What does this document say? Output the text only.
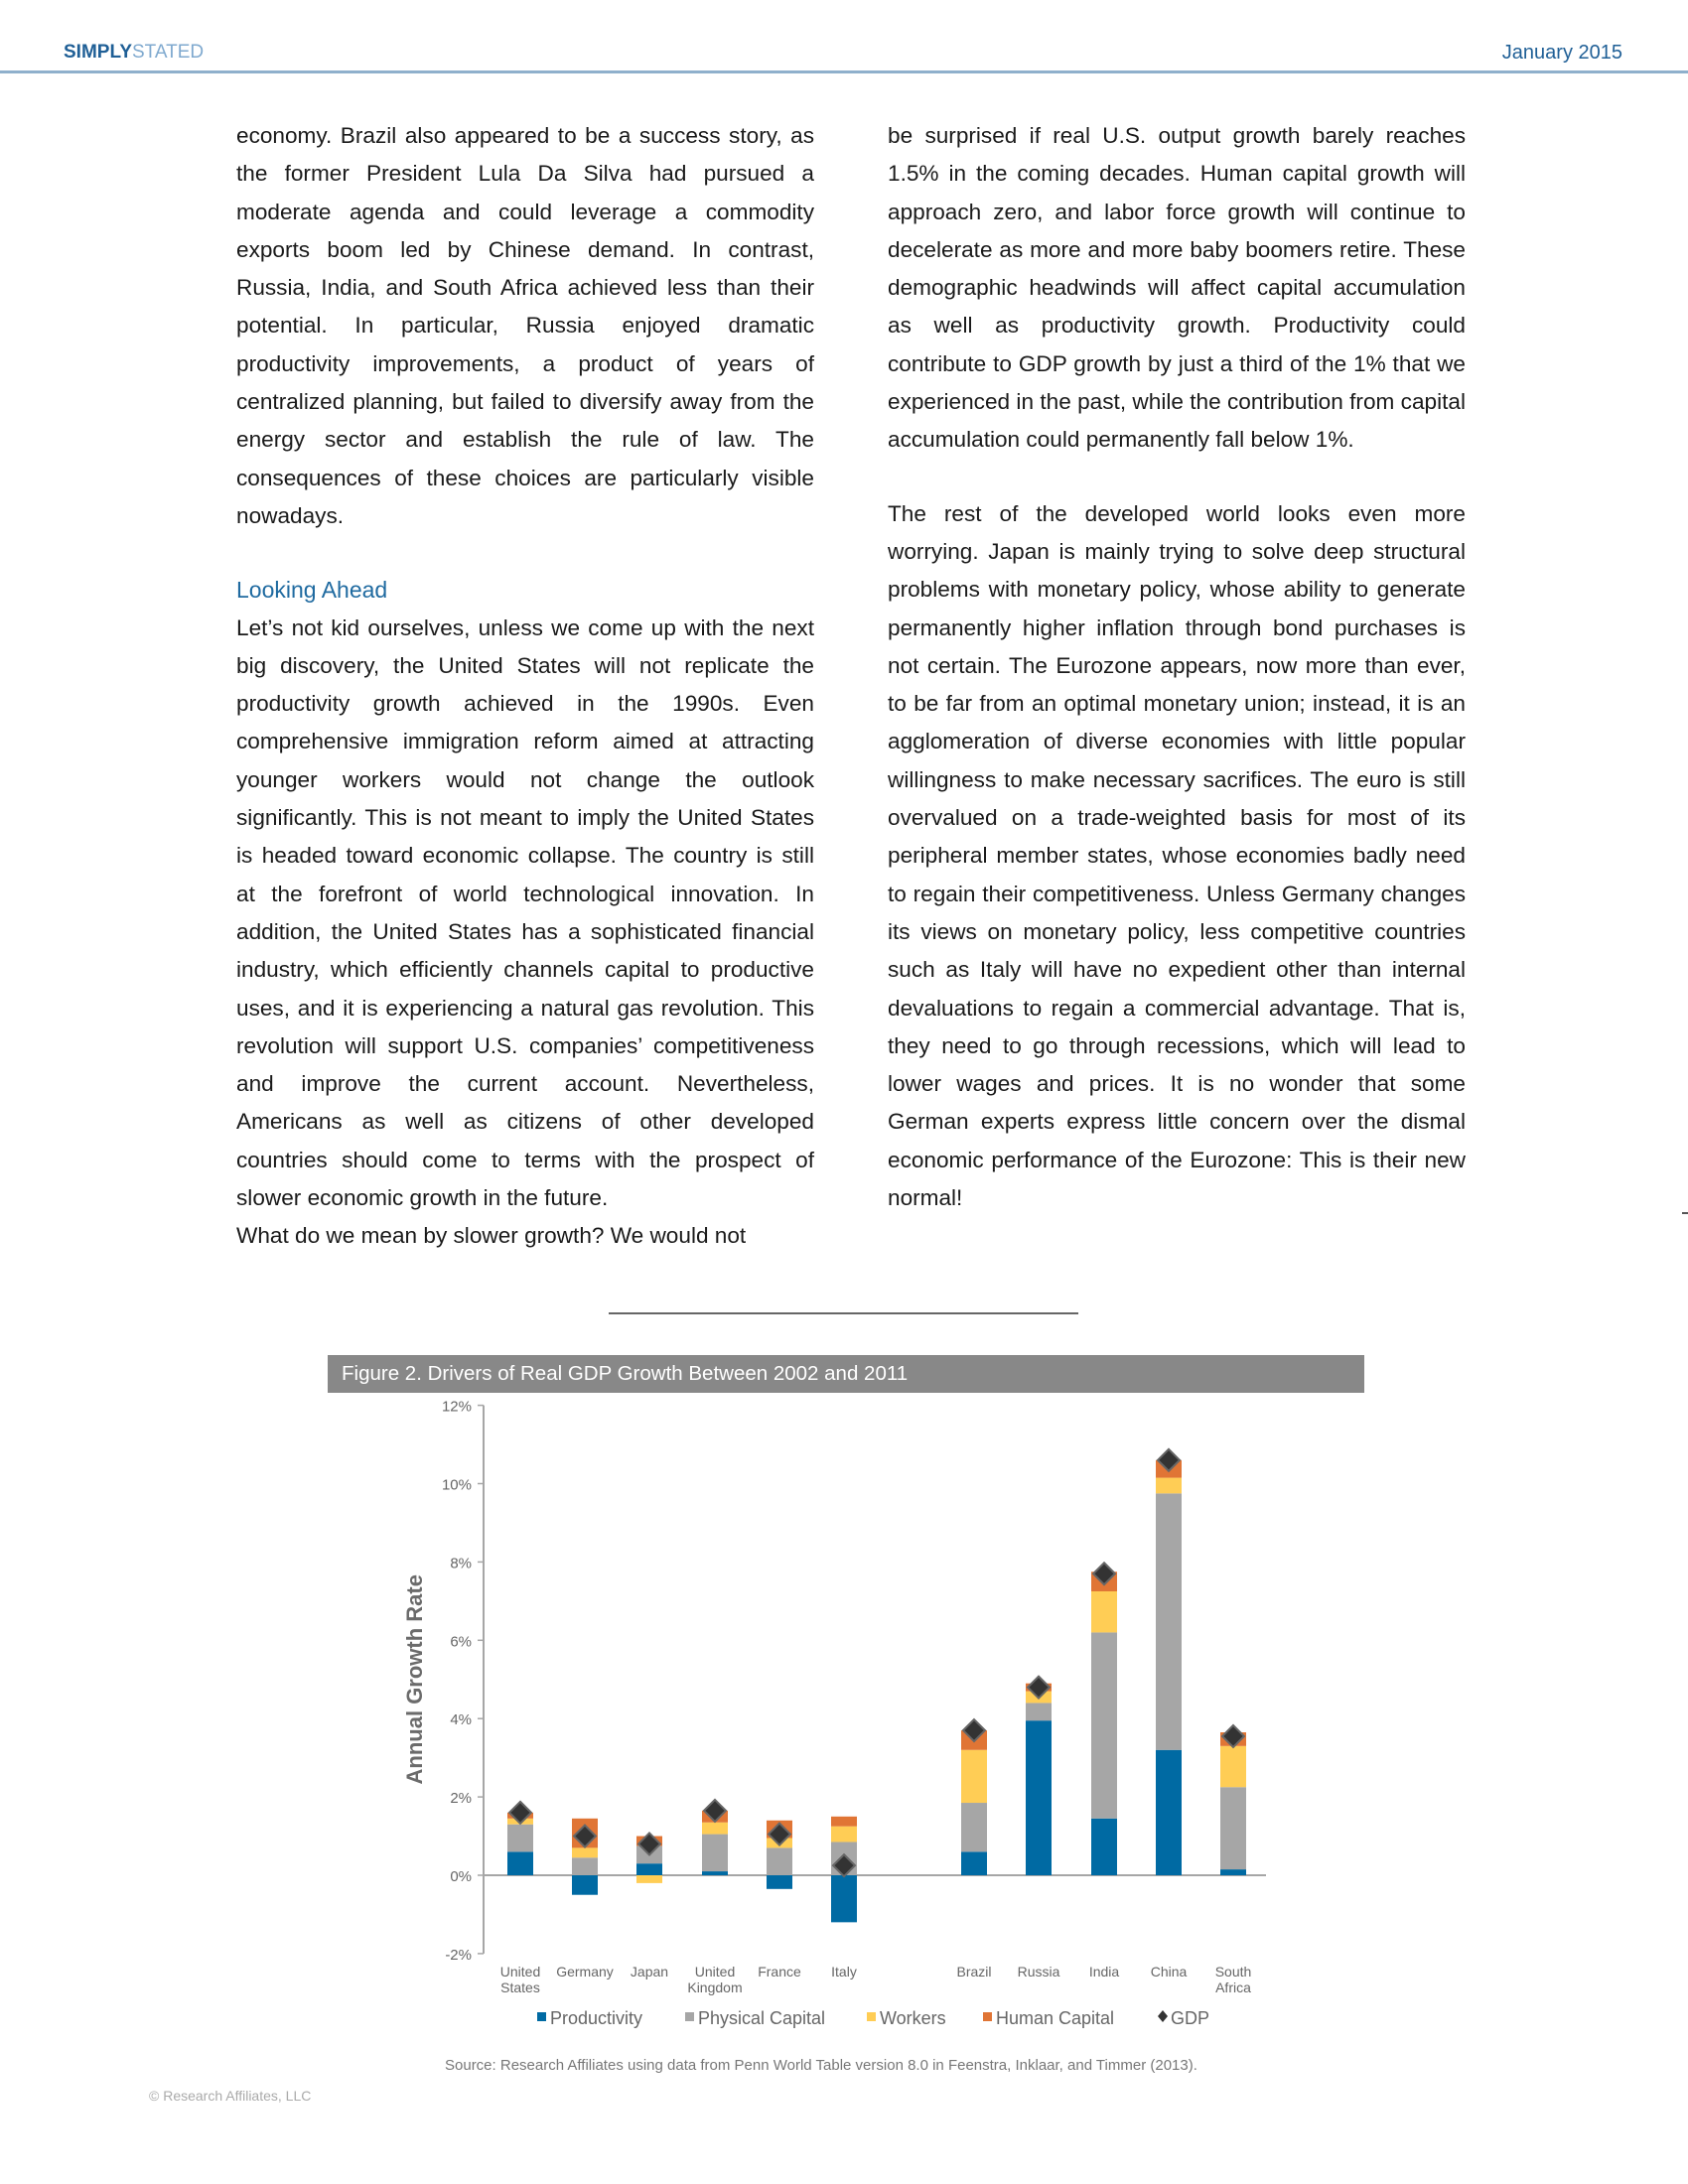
SIMPLYSTATED	January 2015

economy. Brazil also appeared to be a success story, as the former President Lula Da Silva had pursued a moderate agenda and could leverage a commodity exports boom led by Chinese demand. In contrast, Russia, India, and South Africa achieved less than their potential. In particular, Russia enjoyed dramatic productivity improvements, a product of years of centralized planning, but failed to diversify away from the energy sector and establish the rule of law. The consequences of these choices are particularly visible nowadays.

Looking Ahead

Let’s not kid ourselves, unless we come up with the next big discovery, the United States will not replicate the productivity growth achieved in the 1990s. Even comprehensive immigration reform aimed at attracting younger workers would not change the outlook significantly. This is not meant to imply the United States is headed toward economic collapse. The country is still at the forefront of world technological innovation. In addition, the United States has a sophisticated financial industry, which efficiently channels capital to productive uses, and it is experiencing a natural gas revolution. This revolution will support U.S. companies’ competitiveness and improve the current account. Nevertheless, Americans as well as citizens of other developed countries should come to terms with the prospect of slower economic growth in the future.

What do we mean by slower growth? We would not

be surprised if real U.S. output growth barely reaches 1.5% in the coming decades. Human capital growth will approach zero, and labor force growth will continue to decelerate as more and more baby boomers retire. These demographic headwinds will affect capital accumulation as well as productivity growth. Productivity could contribute to GDP growth by just a third of the 1% that we experienced in the past, while the contribution from capital accumulation could permanently fall below 1%.

The rest of the developed world looks even more worrying. Japan is mainly trying to solve deep structural problems with monetary policy, whose ability to generate permanently higher inflation through bond purchases is not certain. The Eurozone appears, now more than ever, to be far from an optimal monetary union; instead, it is an agglomeration of diverse economies with little popular willingness to make necessary sacrifices. The euro is still overvalued on a trade-weighted basis for most of its peripheral member states, whose economies badly need to regain their competitiveness. Unless Germany changes its views on monetary policy, less competitive countries such as Italy will have no expedient other than internal devaluations to regain a commercial advantage. That is, they need to go through recessions, which will lead to lower wages and prices. It is no wonder that some German experts express little concern over the dismal economic performance of the Eurozone: This is their new normal!

Figure 2. Drivers of Real GDP Growth Between 2002 and 2011
-2%
0%
2%
4%
6%
8%
10%
12%
Annual Growth Rate
United
States
Germany Japan United
Kingdom
France Italy	Brazil Russia India China South
Africa
Productivity	Physical Capital	Workers	Human Capital	GDP
Source: Research Affiliates using data from Penn World Table version 8.0 in Feenstra, Inklaar, and Timmer (2013).
© Research Affiliates, LLC
